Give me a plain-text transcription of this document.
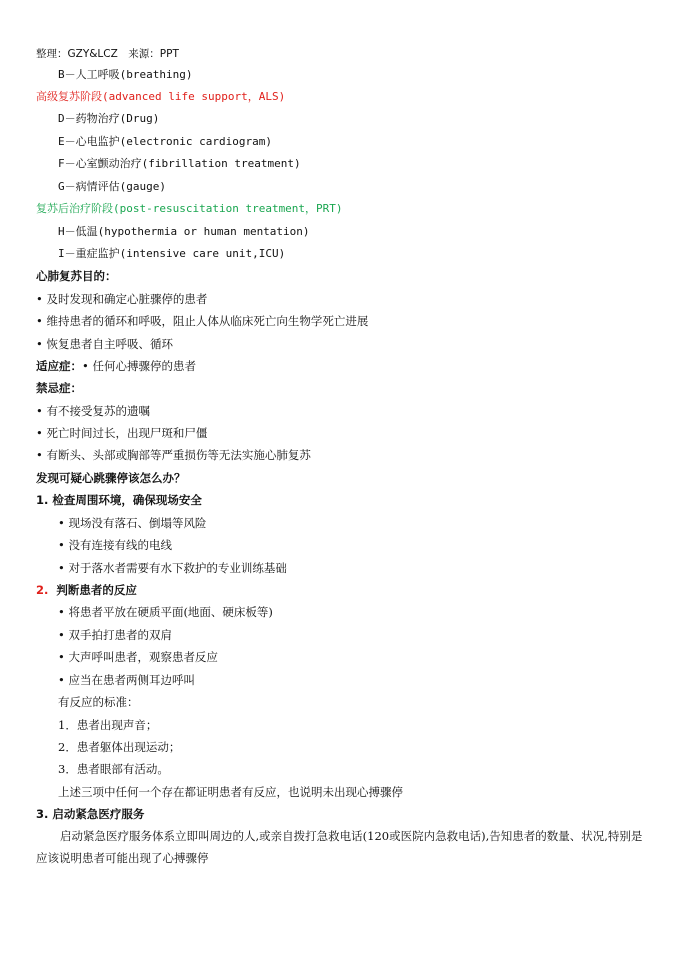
整理：GZY&LCZ　来源：PPT
B－人工呼吸(breathing)
高级复苏阶段(advanced life support，ALS)
D－药物治疗(Drug)
E－心电监护(electronic cardiogram)
F－心室颤动治疗(fibrillation treatment)
G－病情评估(gauge)
复苏后治疗阶段(post-resuscitation treatment，PRT)
H－低温(hypothermia or human mentation)
I－重症监护(intensive care unit,ICU)
心肺复苏目的：
• 及时发现和确定心脏骤停的患者
• 维持患者的循环和呼吸，阻止人体从临床死亡向生物学死亡进展
• 恢复患者自主呼吸、循环
适应症：• 任何心搏骤停的患者
禁忌症：
• 有不接受复苏的遗嘱
• 死亡时间过长，出现尸斑和尸僵
• 有断头、头部或胸部等严重损伤等无法实施心肺复苏
发现可疑心跳骤停该怎么办？
1. 检查周围环境，确保现场安全
• 现场没有落石、倒塌等风险
• 没有连接有线的电线
• 对于落水者需要有水下救护的专业训练基础
2. 判断患者的反应
• 将患者平放在硬质平面(地面、硬床板等)
• 双手拍打患者的双肩
• 大声呼叫患者，观察患者反应
• 应当在患者两侧耳边呼叫
有反应的标准：
1．患者出现声音；
2．患者躯体出现运动；
3．患者眼部有活动。
上述三项中任何一个存在都证明患者有反应，也说明未出现心搏骤停
3. 启动紧急医疗服务
启动紧急医疗服务体系立即叫周边的人,或亲自拨打急救电话(120或医院内急救电话),告知患者的数量、状况,特别是应该说明患者可能出现了心搏骤停
